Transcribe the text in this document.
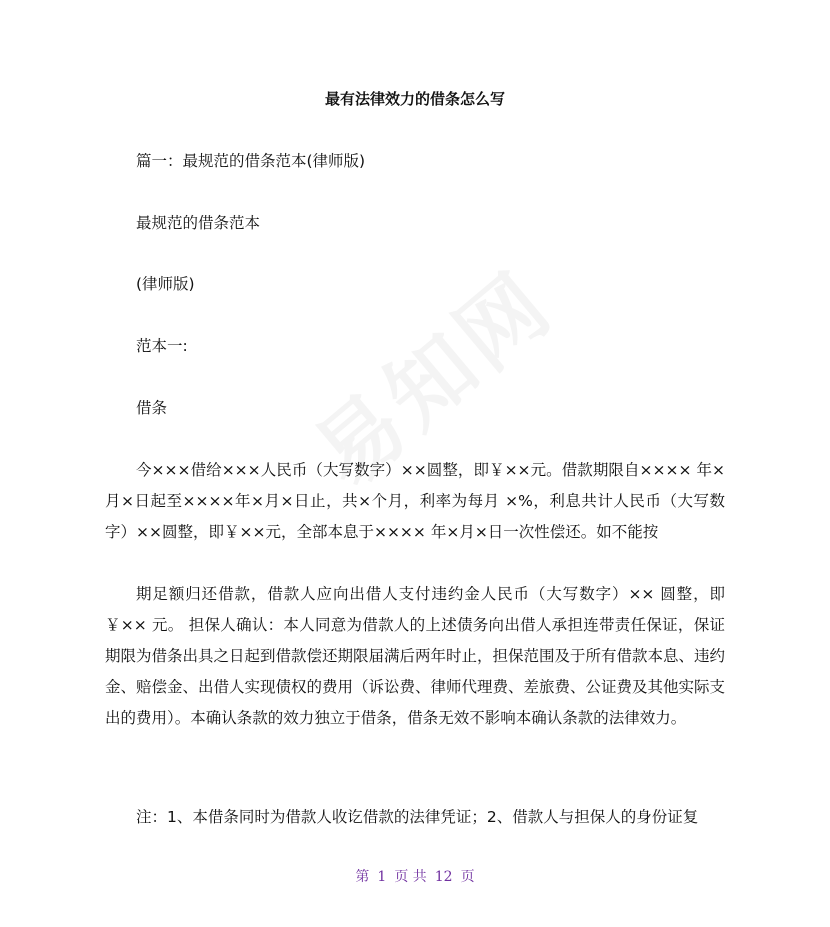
最有法律效力的借条怎么写

篇一：最规范的借条范本(律师版)

最规范的借条范本

(律师版)

范本一:

借条

今×××借给×××人民币（大写数字）××圆整，即￥××元。借款期限自×××× 年×月×日起至××××年×月×日止，共×个月，利率为每月 ×%，利息共计人民币（大写数字）××圆整，即￥××元，全部本息于×××× 年×月×日一次性偿还。如不能按

期足额归还借款，借款人应向出借人支付违约金人民币（大写数字）×× 圆整，即￥×× 元。 担保人确认：本人同意为借款人的上述债务向出借人承担连带责任保证，保证期限为借条出具之日起到借款偿还期限届满后两年时止，担保范围及于所有借款本息、违约金、赔偿金、出借人实现债权的费用（诉讼费、律师代理费、差旅费、公证费及其他实际支出的费用）。本确认条款的效力独立于借条，借条无效不影响本确认条款的法律效力。

注：1、本借条同时为借款人收讫借款的法律凭证；2、借款人与担保人的身份证复

第 1 页 共 12 页
